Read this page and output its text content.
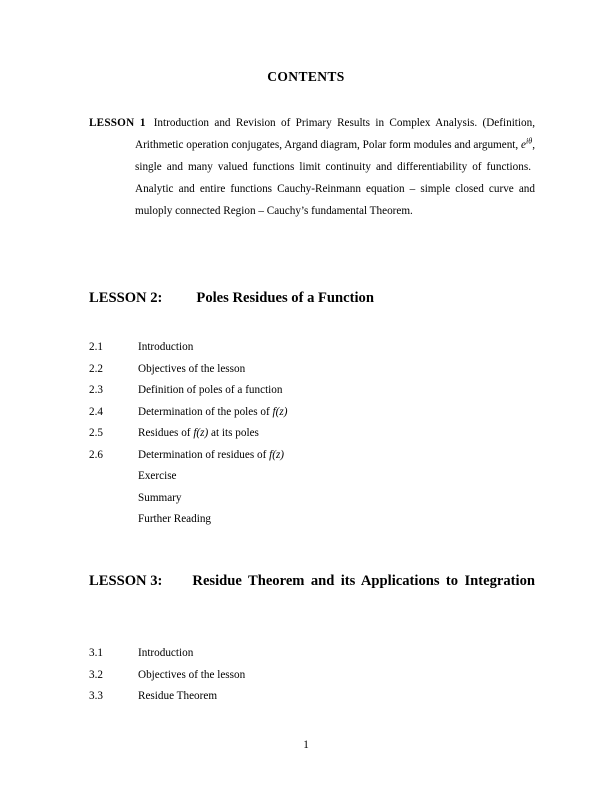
CONTENTS

LESSON 1 Introduction and Revision of Primary Results in Complex Analysis. (Definition, Arithmetic operation conjugates, Argand diagram, Polar form modules and argument, $e^{i\theta}$, single and many valued functions limit continuity and differentiability of functions.Analytic and entire functions Cauchy-Reinmann equation – simple closed curve and muloply connected Region – Cauchy’s fundamental Theorem.

LESSON 2: Poles Residues of a Function
2.1	Introduction
2.2	Objectives of the lesson
2.3	Definition of poles of a function
2.4	Determination of the poles of f(z)
2.5	Residues of f(z) at its poles
2.6	Determination of residues of f(z)
Exercise
Summary
Further Reading
LESSON 3: Residue Theorem and its Applications to Integration
3.1	Introduction
3.2	Objectives of the lesson
3.3	Residue Theorem
1
